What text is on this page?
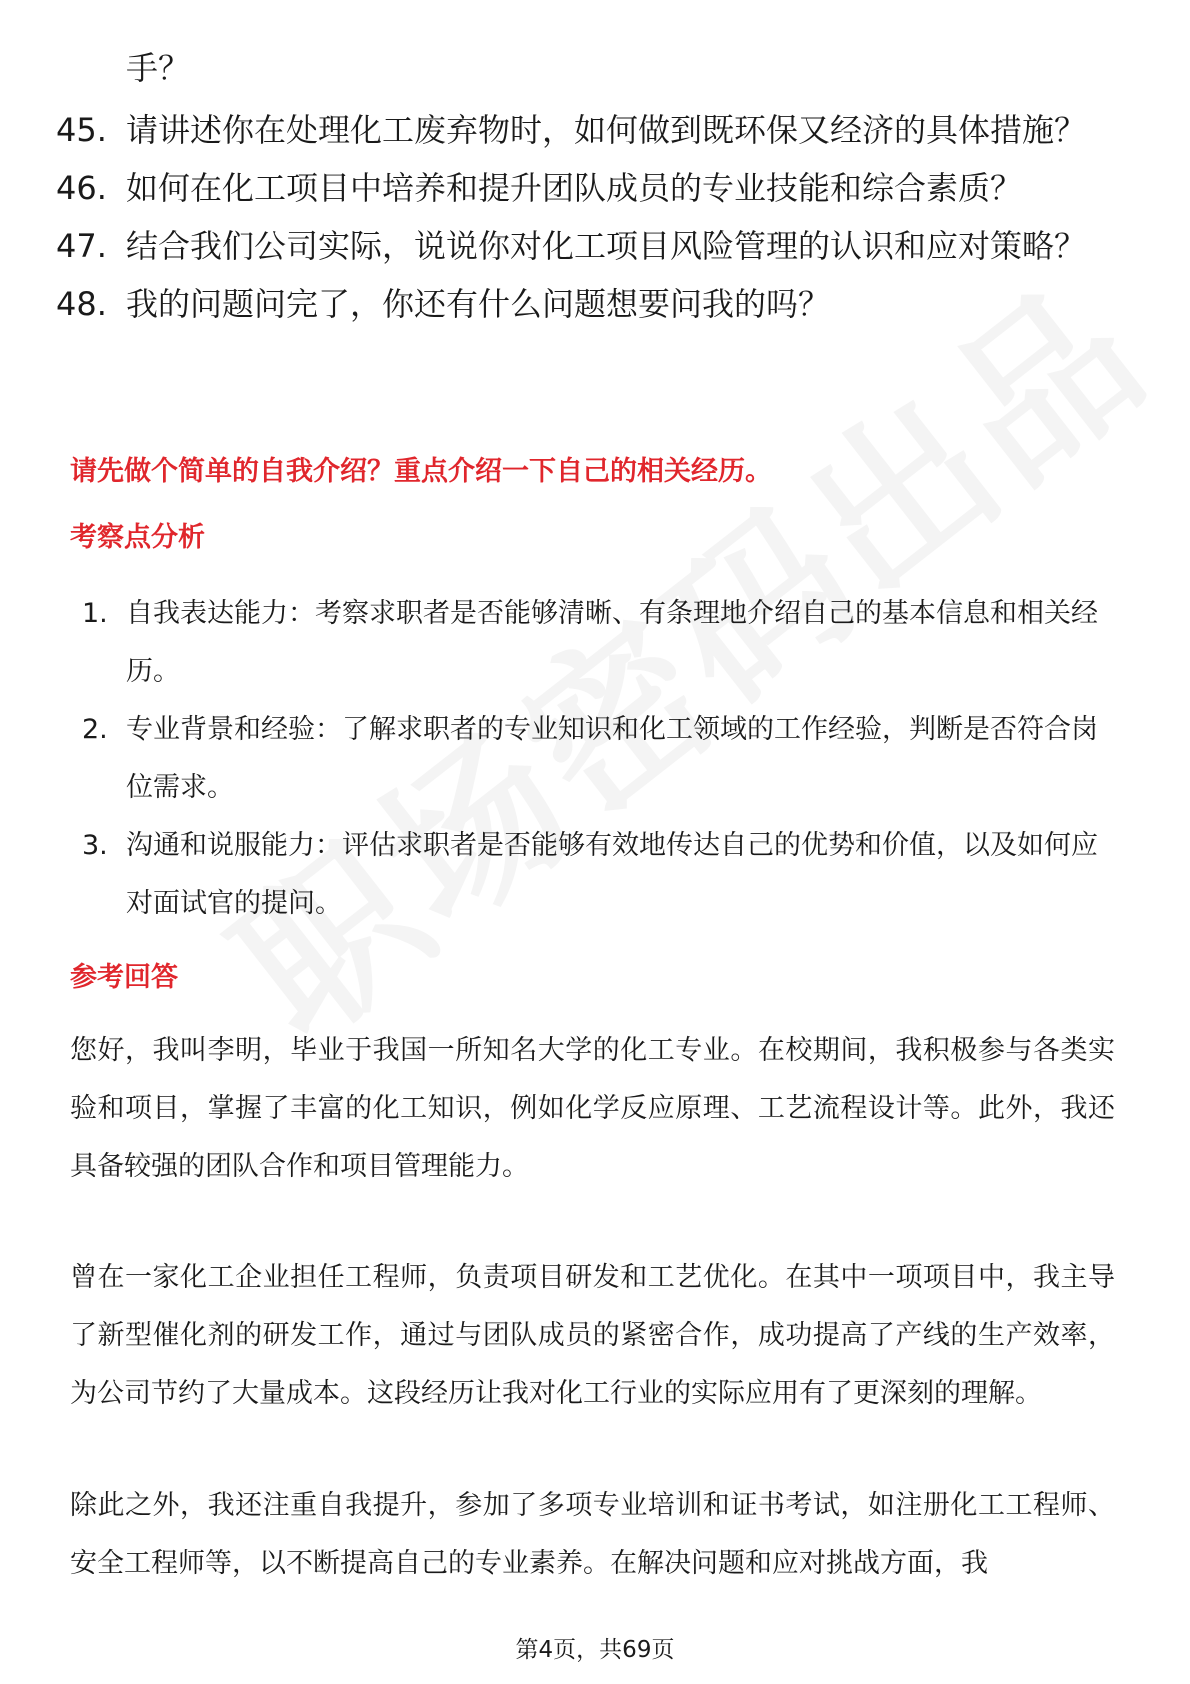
手？
45. 请讲述你在处理化工废弃物时，如何做到既环保又经济的具体措施？
46. 如何在化工项目中培养和提升团队成员的专业技能和综合素质？
47. 结合我们公司实际，说说你对化工项目风险管理的认识和应对策略？
48. 我的问题问完了，你还有什么问题想要问我的吗？
请先做个简单的自我介绍？重点介绍一下自己的相关经历。
考察点分析
1. 自我表达能力：考察求职者是否能够清晰、有条理地介绍自己的基本信息和相关经历。
2. 专业背景和经验：了解求职者的专业知识和化工领域的工作经验，判断是否符合岗位需求。
3. 沟通和说服能力：评估求职者是否能够有效地传达自己的优势和价值，以及如何应对面试官的提问。
参考回答
您好，我叫李明，毕业于我国一所知名大学的化工专业。在校期间，我积极参与各类实验和项目，掌握了丰富的化工知识，例如化学反应原理、工艺流程设计等。此外，我还具备较强的团队合作和项目管理能力。
曾在一家化工企业担任工程师，负责项目研发和工艺优化。在其中一项项目中，我主导了新型催化剂的研发工作，通过与团队成员的紧密合作，成功提高了产线的生产效率，为公司节约了大量成本。这段经历让我对化工行业的实际应用有了更深刻的理解。
除此之外，我还注重自我提升，参加了多项专业培训和证书考试，如注册化工工程师、安全工程师等，以不断提高自己的专业素养。在解决问题和应对挑战方面，我
第4页，共69页
